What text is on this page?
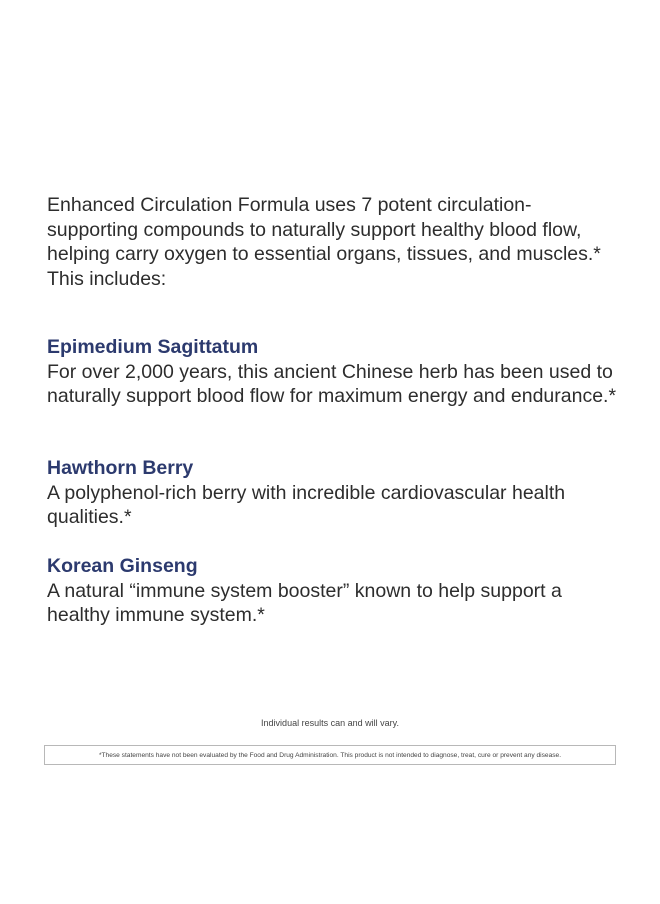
Enhanced Circulation Formula uses 7 potent circulation-supporting compounds to naturally support healthy blood flow, helping carry oxygen to essential organs, tissues, and muscles.* This includes:

Epimedium Sagittatum

For over 2,000 years, this ancient Chinese herb has been used to naturally support blood flow for maximum energy and endurance.*

Hawthorn Berry

A polyphenol-rich berry with incredible cardiovascular health qualities.*

Korean Ginseng

A natural “immune system booster” known to help support a healthy immune system.*

Individual results can and will vary.

*These statements have not been evaluated by the Food and Drug Administration. This product is not intended to diagnose, treat, cure or prevent any disease.
